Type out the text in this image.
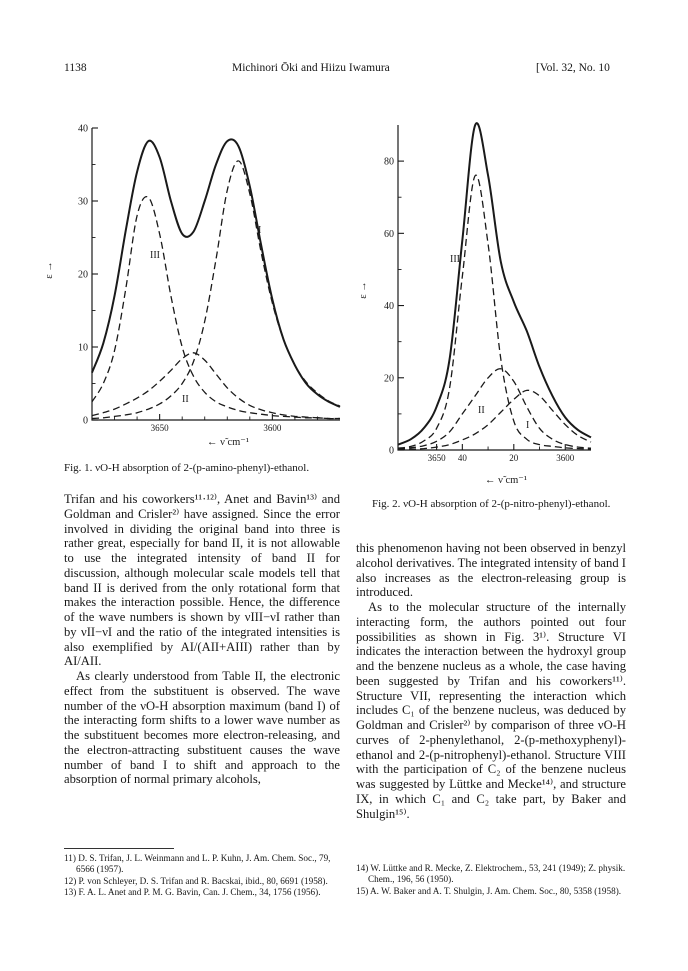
1138	Michinori Ōki and Hiizu Iwamura	[Vol. 32, No. 10
0
10
20
30
40
3650	3600
ε →
← ν̃ cm⁻¹
III
II
I
Fig. 1. νO-H absorption of 2-(p-amino-phenyl)-ethanol.
0
20
40
60
80
3650 40	20	3600
ε →
← ν̃ cm⁻¹
III
II
I
Fig. 2. νO-H absorption of 2-(p-nitro-phenyl)-ethanol.

Trifan and his coworkers¹¹·¹²⁾, Anet and Bavin¹³⁾ and Goldman and Crisler²⁾ have assigned. Since the error involved in dividing the original band into three is rather great, especially for band II, it is not allowable to use the integrated intensity of band II for discussion, although molecular scale models tell that band II is derived from the only rotational form that makes the interaction possible. Hence, the difference of the wave numbers is shown by νIII−νI rather than by νII−νI and the ratio of the integrated intensities is also exemplified by AI/(AII+AIII) rather than by AI/AII.

As clearly understood from Table II, the electronic effect from the substituent is observed. The wave number of the νO-H absorption maximum (band I) of the interacting form shifts to a lower wave number as the substituent becomes more electron-releasing, and the electron-attracting substituent causes the wave number of band I to shift and approach to the absorption of normal primary alcohols,

this phenomenon having not been observed in benzyl alcohol derivatives. The integrated intensity of band I also increases as the electron-releasing group is introduced.

As to the molecular structure of the internally interacting form, the authors pointed out four possibilities as shown in Fig. 3¹⁾. Structure VI indicates the interaction between the hydroxyl group and the benzene nucleus as a whole, the case having been suggested by Trifan and his coworkers¹¹⁾. Structure VII, representing the interaction which includes C₁ of the benzene nucleus, was deduced by Goldman and Crisler²⁾ by comparison of three νO-H curves of 2-phenylethanol, 2-(p-methoxyphenyl)-ethanol and 2-(p-nitrophenyl)-ethanol. Structure VIII with the participation of C₂ of the benzene nucleus was suggested by Lüttke and Mecke¹⁴⁾, and structure IX, in which C₁ and C₂ take part, by Baker and Shulgin¹⁵⁾.

11) D. S. Trifan, J. L. Weinmann and L. P. Kuhn, J. Am. Chem. Soc., 79, 6566 (1957).

12) P. von Schleyer, D. S. Trifan and R. Bacskai, ibid., 80, 6691 (1958).

13) F. A. L. Anet and P. M. G. Bavin, Can. J. Chem., 34, 1756 (1956).

14) W. Lüttke and R. Mecke, Z. Elektrochem., 53, 241 (1949); Z. physik. Chem., 196, 56 (1950).

15) A. W. Baker and A. T. Shulgin, J. Am. Chem. Soc., 80, 5358 (1958).
